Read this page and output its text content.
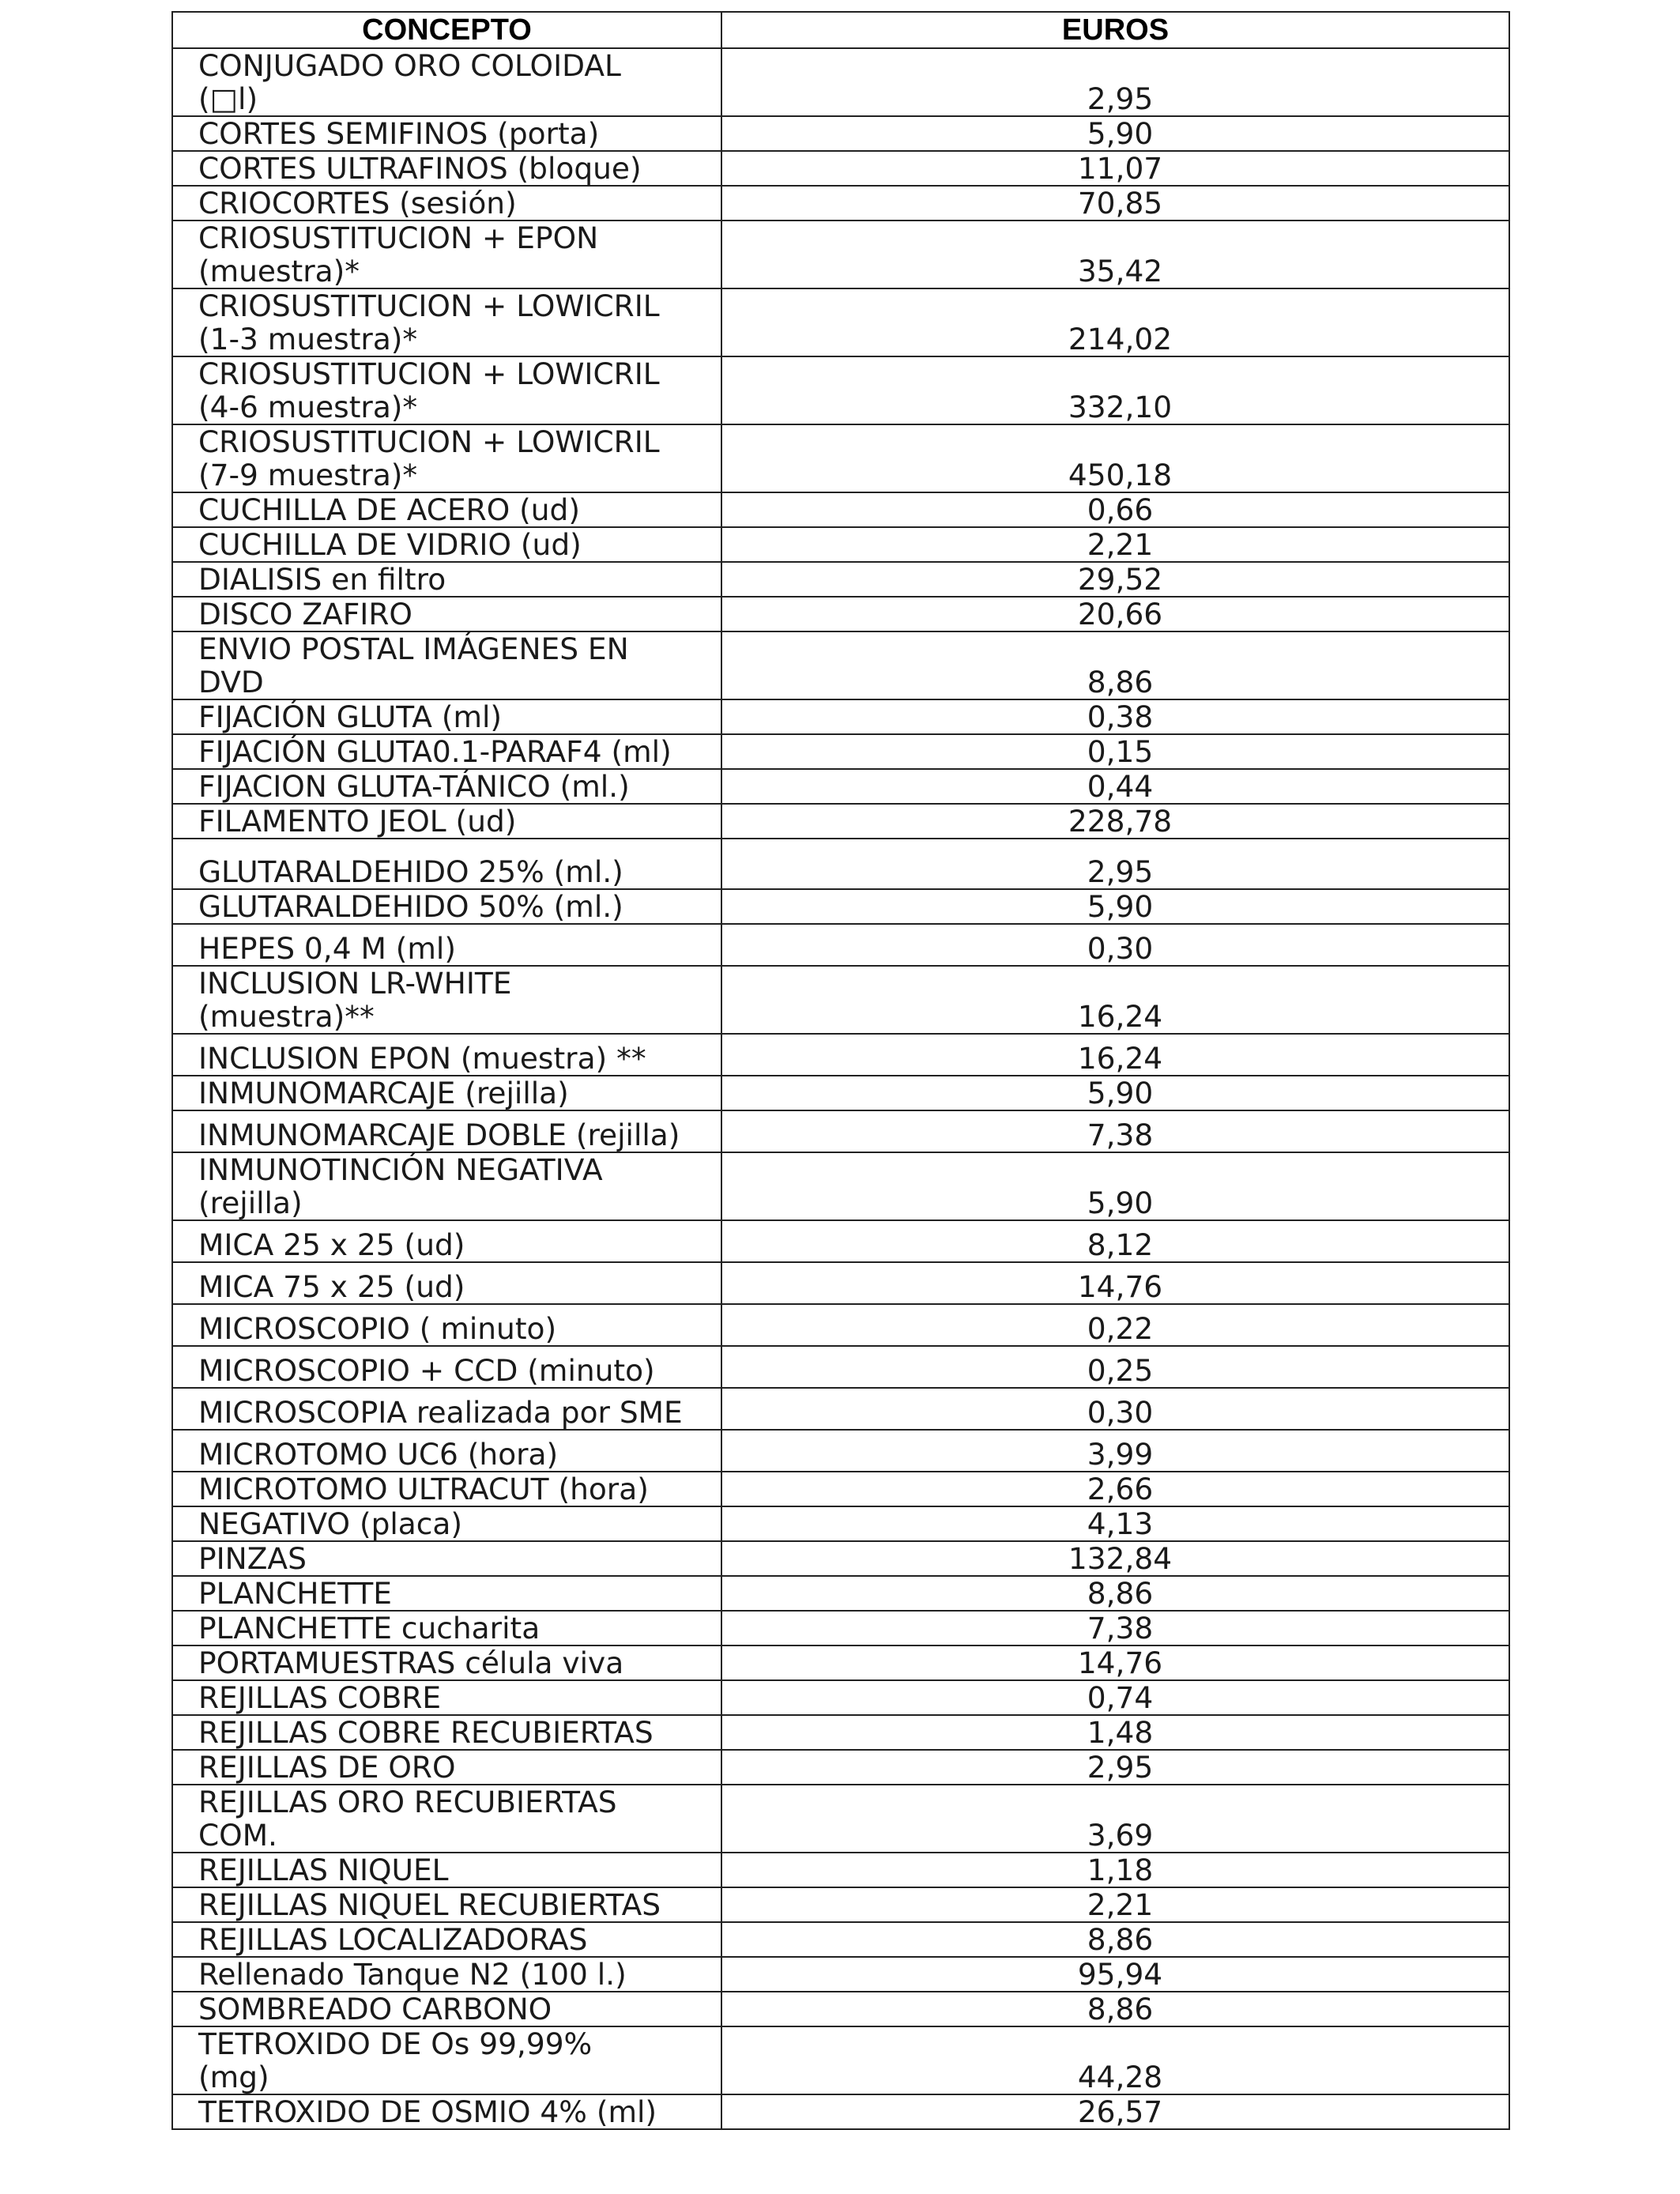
CONCEPTO	EUROS
CONJUGADO ORO COLOIDAL
(□l)	2,95
CORTES SEMIFINOS (porta)	5,90
CORTES ULTRAFINOS (bloque)	11,07
CRIOCORTES (sesión)	70,85
CRIOSUSTITUCION + EPON
(muestra)*	35,42
CRIOSUSTITUCION + LOWICRIL
(1-3 muestra)*	214,02
CRIOSUSTITUCION + LOWICRIL
(4-6 muestra)*	332,10
CRIOSUSTITUCION + LOWICRIL
(7-9 muestra)*	450,18
CUCHILLA DE ACERO (ud)	0,66
CUCHILLA DE VIDRIO (ud)	2,21
DIALISIS en filtro	29,52
DISCO ZAFIRO	20,66
ENVIO POSTAL IMÁGENES EN
DVD	8,86
FIJACIÓN GLUTA (ml)	0,38
FIJACIÓN GLUTA0.1-PARAF4 (ml)	0,15
FIJACION GLUTA-TÁNICO (ml.)	0,44
FILAMENTO JEOL (ud)	228,78
GLUTARALDEHIDO 25% (ml.)	2,95
GLUTARALDEHIDO 50% (ml.)	5,90
HEPES 0,4 M (ml)	0,30
INCLUSION LR-WHITE
(muestra)**	16,24
INCLUSION EPON (muestra) **	16,24
INMUNOMARCAJE (rejilla)	5,90
INMUNOMARCAJE DOBLE (rejilla)	7,38
INMUNOTINCIÓN NEGATIVA
(rejilla)	5,90
MICA 25 x 25 (ud)	8,12
MICA 75 x 25 (ud)	14,76
MICROSCOPIO ( minuto)	0,22
MICROSCOPIO + CCD (minuto)	0,25
MICROSCOPIA realizada por SME	0,30
MICROTOMO UC6 (hora)	3,99
MICROTOMO ULTRACUT (hora)	2,66
NEGATIVO (placa)	4,13
PINZAS	132,84
PLANCHETTE	8,86
PLANCHETTE cucharita	7,38
PORTAMUESTRAS célula viva	14,76
REJILLAS COBRE	0,74
REJILLAS COBRE RECUBIERTAS	1,48
REJILLAS DE ORO	2,95
REJILLAS ORO RECUBIERTAS
COM.	3,69
REJILLAS NIQUEL	1,18
REJILLAS NIQUEL RECUBIERTAS	2,21
REJILLAS LOCALIZADORAS	8,86
Rellenado Tanque N2 (100 l.)	95,94
SOMBREADO CARBONO	8,86
TETROXIDO DE Os 99,99%
(mg)	44,28
TETROXIDO DE OSMIO 4% (ml)	26,57
